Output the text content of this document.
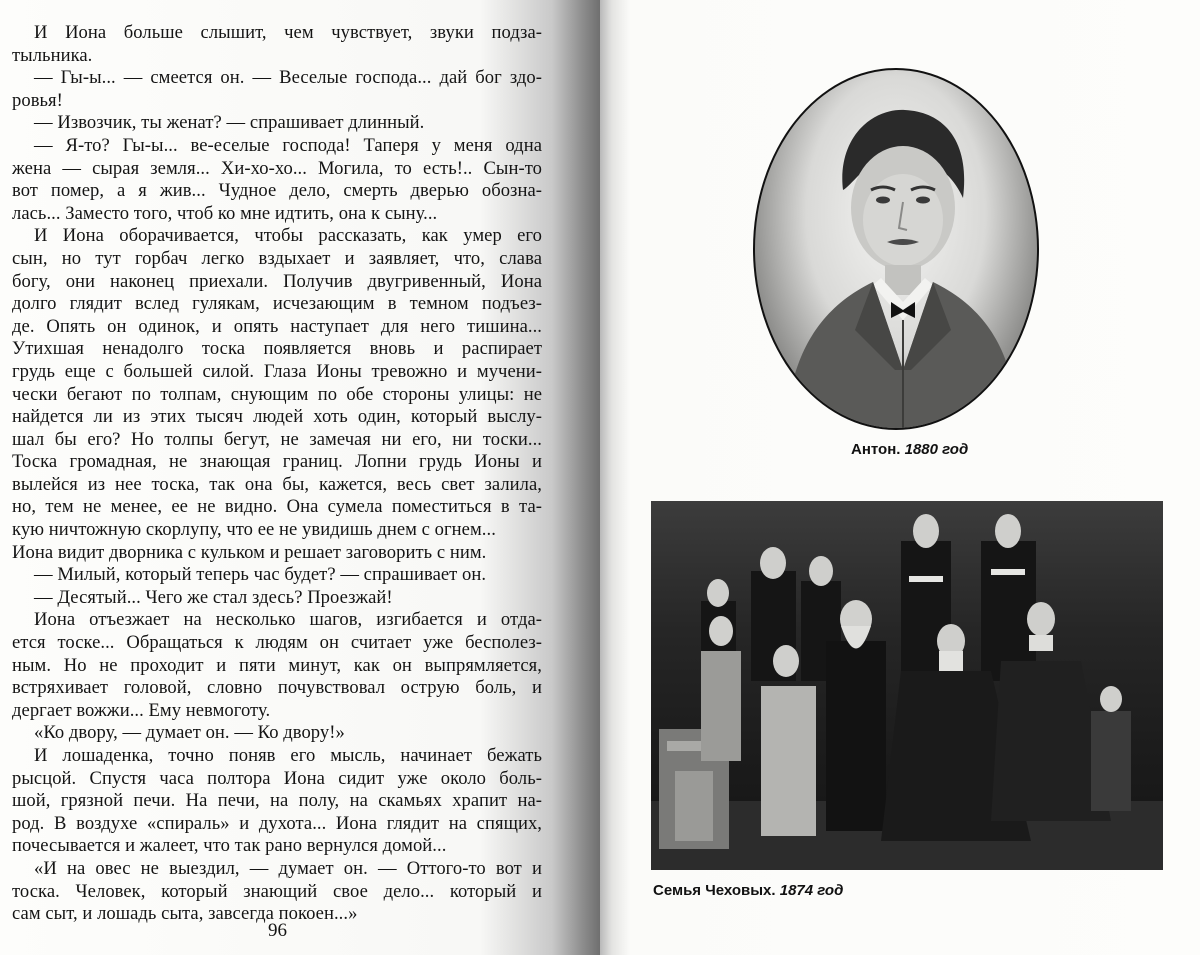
И Иона больше слышит, чем чувствует, звуки подза-
тыльника.
— Гы-ы... — смеется он. — Веселые господа... дай бог здо-
ровья!
— Извозчик, ты женат? — спрашивает длинный.
— Я-то? Гы-ы... ве-еселые господа! Таперя у меня одна
жена — сырая земля... Хи-хо-хо... Могила, то есть!.. Сын-то
вот помер, а я жив... Чудное дело, смерть дверью обозна-
лась... Заместо того, чтоб ко мне идтить, она к сыну...
И Иона оборачивается, чтобы рассказать, как умер его
сын, но тут горбач легко вздыхает и заявляет, что, слава
богу, они наконец приехали. Получив двугривенный, Иона
долго глядит вслед гулякам, исчезающим в темном подъез-
де. Опять он одинок, и опять наступает для него тишина...
Утихшая ненадолго тоска появляется вновь и распирает
грудь еще с большей силой. Глаза Ионы тревожно и мучени-
чески бегают по толпам, снующим по обе стороны улицы: не
найдется ли из этих тысяч людей хоть один, который выслу-
шал бы его? Но толпы бегут, не замечая ни его, ни тоски...
Тоска громадная, не знающая границ. Лопни грудь Ионы и
вылейся из нее тоска, так она бы, кажется, весь свет залила,
но, тем не менее, ее не видно. Она сумела поместиться в та-
кую ничтожную скорлупу, что ее не увидишь днем с огнем...
Иона видит дворника с кульком и решает заговорить с ним.
— Милый, который теперь час будет? — спрашивает он.
— Десятый... Чего же стал здесь? Проезжай!
Иона отъезжает на несколько шагов, изгибается и отда-
ется тоске... Обращаться к людям он считает уже бесполез-
ным. Но не проходит и пяти минут, как он выпрямляется,
встряхивает головой, словно почувствовал острую боль, и
дергает вожжи... Ему невмоготу.
«Ко двору, — думает он. — Ко двору!»
И лошаденка, точно поняв его мысль, начинает бежать
рысцой. Спустя часа полтора Иона сидит уже около боль-
шой, грязной печи. На печи, на полу, на скамьях храпит на-
род. В воздухе «спираль» и духота... Иона глядит на спящих,
почесывается и жалеет, что так рано вернулся домой...
«И на овес не выездил, — думает он. — Оттого-то вот и
тоска. Человек, который знающий свое дело... который и
сам сыт, и лошадь сыта, завсегда покоен...»
96
Антон. 1880 год
Семья Чеховых. 1874 год
